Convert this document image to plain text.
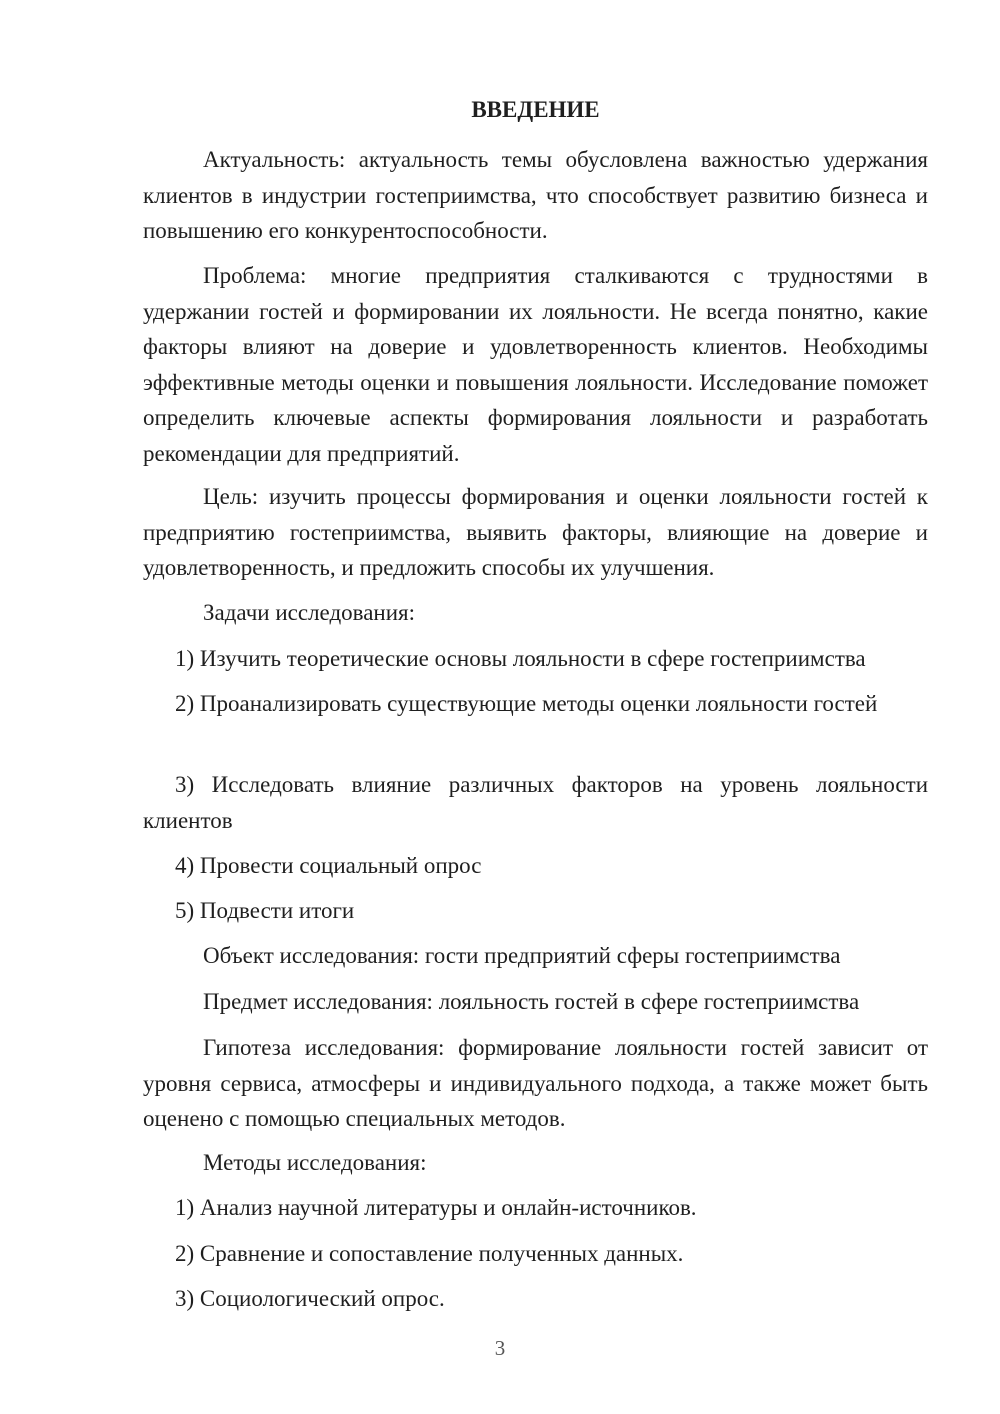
ВВЕДЕНИЕ

Актуальность: актуальность темы обусловлена важностью удержания клиентов в индустрии гостеприимства, что способствует развитию бизнеса и повышению его конкурентоспособности.

Проблема: многие предприятия сталкиваются с трудностями в удержании гостей и формировании их лояльности. Не всегда понятно, какие факторы влияют на доверие и удовлетворенность клиентов. Необходимы эффективные методы оценки и повышения лояльности. Исследование поможет определить ключевые аспекты формирования лояльности и разработать рекомендации для предприятий.

Цель: изучить процессы формирования и оценки лояльности гостей к предприятию гостеприимства, выявить факторы, влияющие на доверие и удовлетворенность, и предложить способы их улучшения.

Задачи исследования:

1) Изучить теоретические основы лояльности в сфере гостеприимства

2) Проанализировать существующие методы оценки лояльности гостей

3) Исследовать влияние различных факторов на уровень лояльности клиентов

4) Провести социальный опрос

5) Подвести итоги

Объект исследования: гости предприятий сферы гостеприимства

Предмет исследования: лояльность гостей в сфере гостеприимства

Гипотеза исследования: формирование лояльности гостей зависит от уровня сервиса, атмосферы и индивидуального подхода, а также может быть оценено с помощью специальных методов.

Методы исследования:

1) Анализ научной литературы и онлайн-источников.

2) Сравнение и сопоставление полученных данных.

3) Социологический опрос.

3
